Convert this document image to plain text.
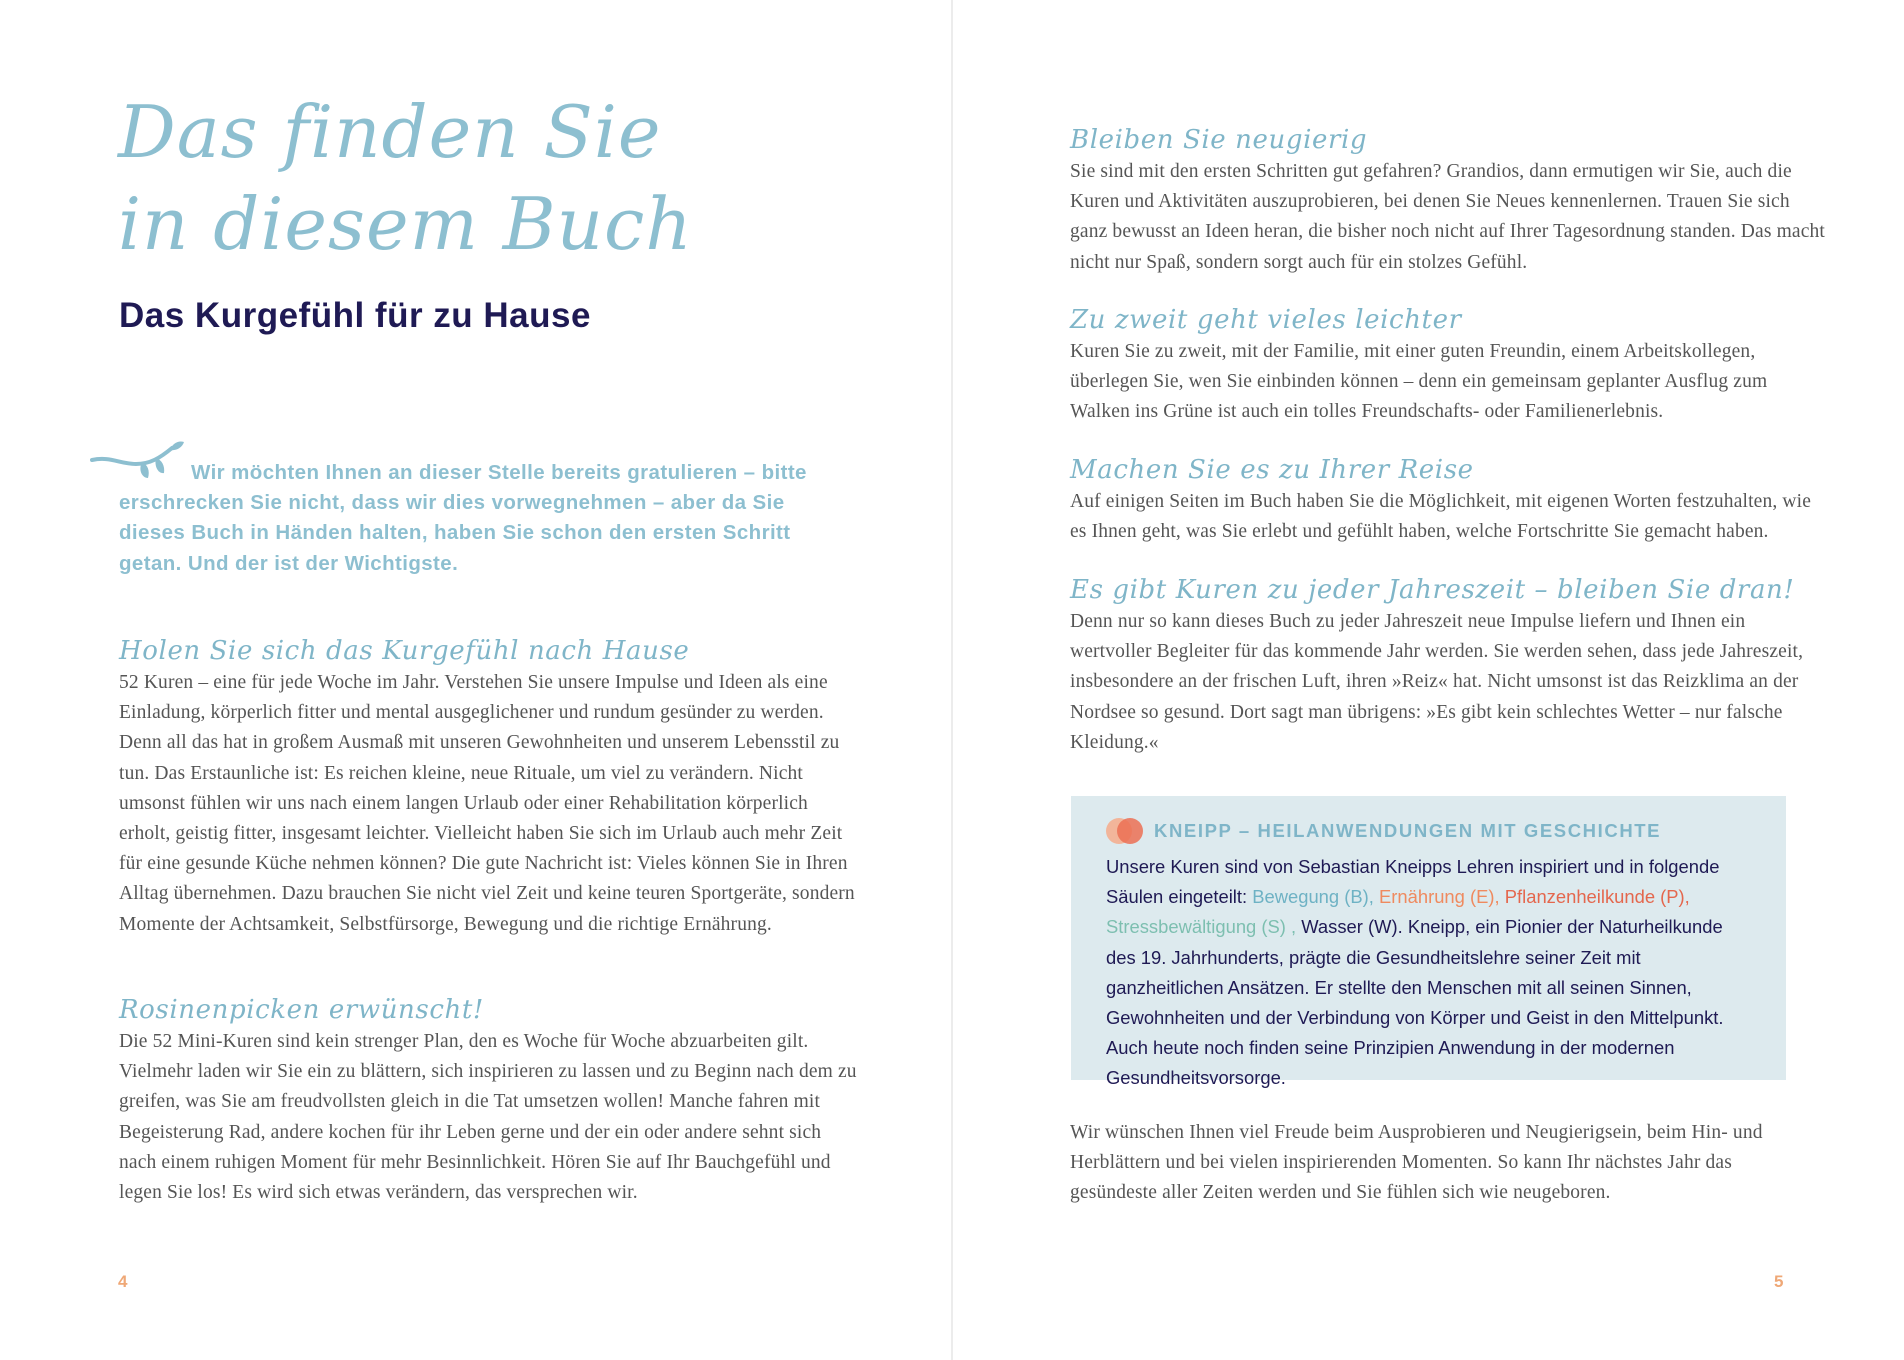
Das finden Sie
in diesem Buch
Das Kurgefühl für zu Hause

Wir möchten Ihnen an dieser Stelle bereits gratulieren – bitte erschrecken Sie nicht, dass wir dies vorwegnehmen – aber da Sie dieses Buch in Händen halten, haben Sie schon den ersten Schritt getan. Und der ist der Wichtigste.

Holen Sie sich das Kurgefühl nach Hause

52 Kuren – eine für jede Woche im Jahr. Verstehen Sie unsere Impulse und Ideen als eine Einladung, körperlich fitter und mental ausgeglichener und rundum gesünder zu werden. Denn all das hat in großem Ausmaß mit unseren Gewohnheiten und unserem Lebensstil zu tun. Das Erstaunliche ist: Es reichen kleine, neue Rituale, um viel zu verändern. Nicht umsonst fühlen wir uns nach einem langen Urlaub oder einer Rehabilitation körperlich erholt, geistig fitter, insgesamt leichter. Vielleicht haben Sie sich im Urlaub auch mehr Zeit für eine gesunde Küche nehmen können? Die gute Nachricht ist: Vieles können Sie in Ihren Alltag übernehmen. Dazu brauchen Sie nicht viel Zeit und keine teuren Sportgeräte, sondern Momente der Achtsamkeit, Selbstfürsorge, Bewegung und die richtige Ernährung.

Rosinenpicken erwünscht!

Die 52 Mini-Kuren sind kein strenger Plan, den es Woche für Woche abzuarbeiten gilt. Vielmehr laden wir Sie ein zu blättern, sich inspirieren zu lassen und zu Beginn nach dem zu greifen, was Sie am freudvollsten gleich in die Tat umsetzen wollen! Manche fahren mit Begeisterung Rad, andere kochen für ihr Leben gerne und der ein oder andere sehnt sich nach einem ruhigen Moment für mehr Besinnlichkeit. Hören Sie auf Ihr Bauchgefühl und legen Sie los! Es wird sich etwas verändern, das versprechen wir.

4
Bleiben Sie neugierig

Sie sind mit den ersten Schritten gut gefahren? Grandios, dann ermutigen wir Sie, auch die Kuren und Aktivitäten auszuprobieren, bei denen Sie Neues kennenlernen. Trauen Sie sich ganz bewusst an Ideen heran, die bisher noch nicht auf Ihrer Tagesordnung standen. Das macht nicht nur Spaß, sondern sorgt auch für ein stolzes Gefühl.

Zu zweit geht vieles leichter

Kuren Sie zu zweit, mit der Familie, mit einer guten Freundin, einem Arbeitskollegen, überlegen Sie, wen Sie einbinden können – denn ein gemeinsam geplanter Ausflug zum Walken ins Grüne ist auch ein tolles Freundschafts- oder Familienerlebnis.

Machen Sie es zu Ihrer Reise

Auf einigen Seiten im Buch haben Sie die Möglichkeit, mit eigenen Worten festzuhalten, wie es Ihnen geht, was Sie erlebt und gefühlt haben, welche Fortschritte Sie gemacht haben.

Es gibt Kuren zu jeder Jahreszeit – bleiben Sie dran!

Denn nur so kann dieses Buch zu jeder Jahreszeit neue Impulse liefern und Ihnen ein wertvoller Begleiter für das kommende Jahr werden. Sie werden sehen, dass jede Jahreszeit, insbesondere an der frischen Luft, ihren »Reiz« hat. Nicht umsonst ist das Reizklima an der Nordsee so gesund. Dort sagt man übrigens: »Es gibt kein schlechtes Wetter – nur falsche Kleidung.«

KNEIPP – HEILANWENDUNGEN MIT GESCHICHTE

Unsere Kuren sind von Sebastian Kneipps Lehren inspiriert und in folgende Säulen eingeteilt: Bewegung (B), Ernährung (E), Pflanzenheilkunde (P), Stressbewältigung (S) , Wasser (W). Kneipp, ein Pionier der Naturheilkunde des 19. Jahrhunderts, prägte die Gesundheitslehre seiner Zeit mit ganzheitlichen Ansätzen. Er stellte den Menschen mit all seinen Sinnen, Gewohnheiten und der Verbindung von Körper und Geist in den Mittelpunkt. Auch heute noch finden seine Prinzipien Anwendung in der modernen Gesundheitsvorsorge.

Wir wünschen Ihnen viel Freude beim Ausprobieren und Neugierigsein, beim Hin- und Herblättern und bei vielen inspirierenden Momenten. So kann Ihr nächstes Jahr das gesündeste aller Zeiten werden und Sie fühlen sich wie neugeboren.

5
